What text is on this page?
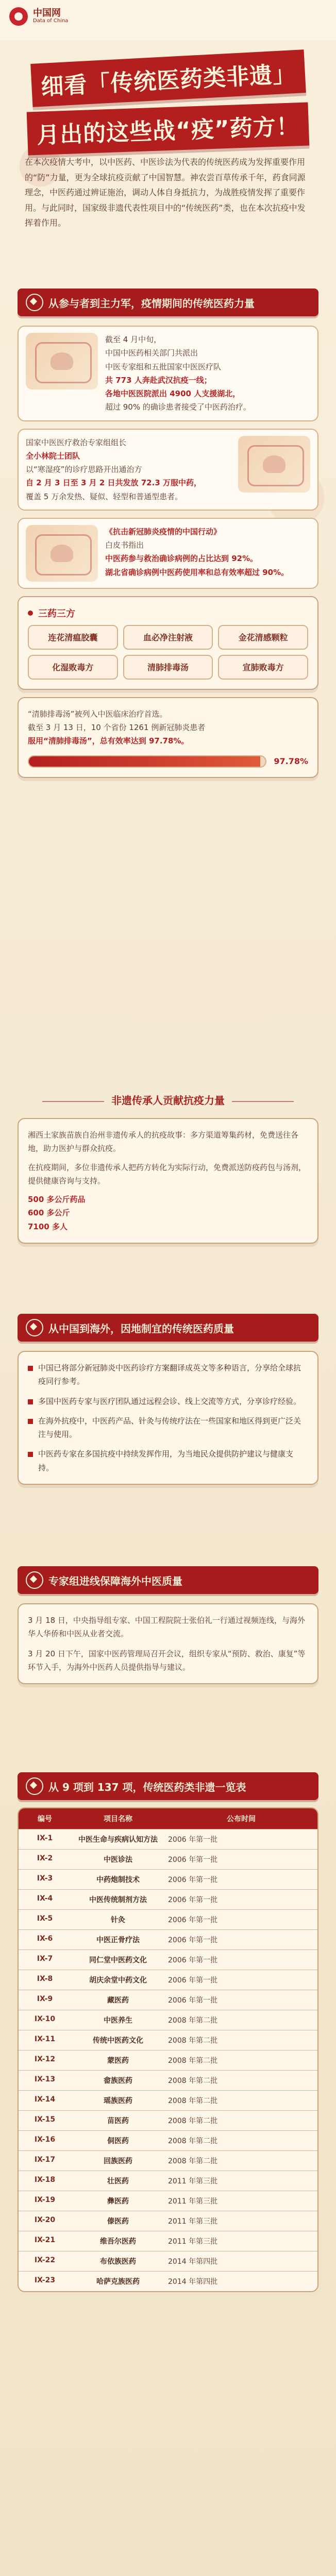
中国网
Data of China
细看「传统医药类非遗」
月出的这些战“疫”药方！
在本次疫情大考中，以中医药、中医诊法为代表的传统医药成为发挥重要作用的“防”力量，更为全球抗疫贡献了中国智慧。神农尝百草传承千年，药食同源理念，中医药通过辨证施治，调动人体自身抵抗力，为战胜疫情发挥了重要作用。与此同时，国家级非遗代表性项目中的“传统医药”类，也在本次抗疫中发挥着作用。
从参与者到主力军，疫情期间的传统医药力量
截至 4 月中旬，
中国中医药相关部门共派出
中医专家组和五批国家中医医疗队
共 773 人奔赴武汉抗疫一线；
各地中医医院派出 4900 人支援湖北，
超过 90% 的确诊患者接受了中医药治疗。
国家中医医疗救治专家组组长
全小林院士团队
以“寒湿疫”的诊疗思路开出通治方
自 2 月 3 日至 3 月 2 日共发放 72.3 万服中药，
覆盖 5 万余发热、疑似、轻型和普通型患者。
《抗击新冠肺炎疫情的中国行动》
白皮书指出
中医药参与救治确诊病例的占比达到 92%。
湖北省确诊病例中医药使用率和总有效率超过 90%。
三药三方
连花清瘟胶囊	血必净注射液	金花清感颗粒
化湿败毒方	清肺排毒汤	宣肺败毒方
“清肺排毒汤”被列入中医临床治疗首选。
截至 3 月 13 日，10 个省份 1261 例新冠肺炎患者
服用“清肺排毒汤”，总有效率达到 97.78%。
97.78%
非遗传承人贡献抗疫力量
湘西土家族苗族自治州非遗传承人的抗疫故事：多方渠道筹集药材，免费送往各地，助力医护与群众抗疫。
在抗疫期间，多位非遗传承人把药方转化为实际行动，免费派送防疫药包与汤剂，提供健康咨询与支持。
500 多公斤药品
600 多公斤
7100 多人
从中国到海外，因地制宜的传统医药质量
中国已将部分新冠肺炎中医药诊疗方案翻译成英文等多种语言，分享给全球抗疫同行参考。
多国中医药专家与医疗团队通过远程会诊、线上交流等方式，分享诊疗经验。
在海外抗疫中，中医药产品、针灸与传统疗法在一些国家和地区得到更广泛关注与使用。
中医药专家在多国抗疫中持续发挥作用，为当地民众提供防护建议与健康支持。
专家组进线保障海外中医质量
3 月 18 日，中央指导组专家、中国工程院院士张伯礼一行通过视频连线，与海外华人华侨和中医从业者交流。
3 月 20 日下午，国家中医药管理局召开会议，组织专家从“预防、救治、康复”等环节入手，为海外中医药人员提供指导与建议。
从 9 项到 137 项，传统医药类非遗一览表
编号	项目名称	公布时间
IX-1	中医生命与疾病认知方法	2006 年第一批
IX-2	中医诊法	2006 年第一批
IX-3	中药炮制技术	2006 年第一批
IX-4	中医传统制剂方法	2006 年第一批
IX-5	针灸	2006 年第一批
IX-6	中医正骨疗法	2006 年第一批
IX-7	同仁堂中医药文化	2006 年第一批
IX-8	胡庆余堂中药文化	2006 年第一批
IX-9	藏医药	2006 年第一批
IX-10	中医养生	2008 年第二批
IX-11	传统中医药文化	2008 年第二批
IX-12	蒙医药	2008 年第二批
IX-13	畲族医药	2008 年第二批
IX-14	瑶族医药	2008 年第二批
IX-15	苗医药	2008 年第二批
IX-16	侗医药	2008 年第二批
IX-17	回族医药	2008 年第二批
IX-18	壮医药	2011 年第三批
IX-19	彝医药	2011 年第三批
IX-20	傣医药	2011 年第三批
IX-21	维吾尔医药	2011 年第三批
IX-22	布依族医药	2014 年第四批
IX-23	哈萨克族医药	2014 年第四批
